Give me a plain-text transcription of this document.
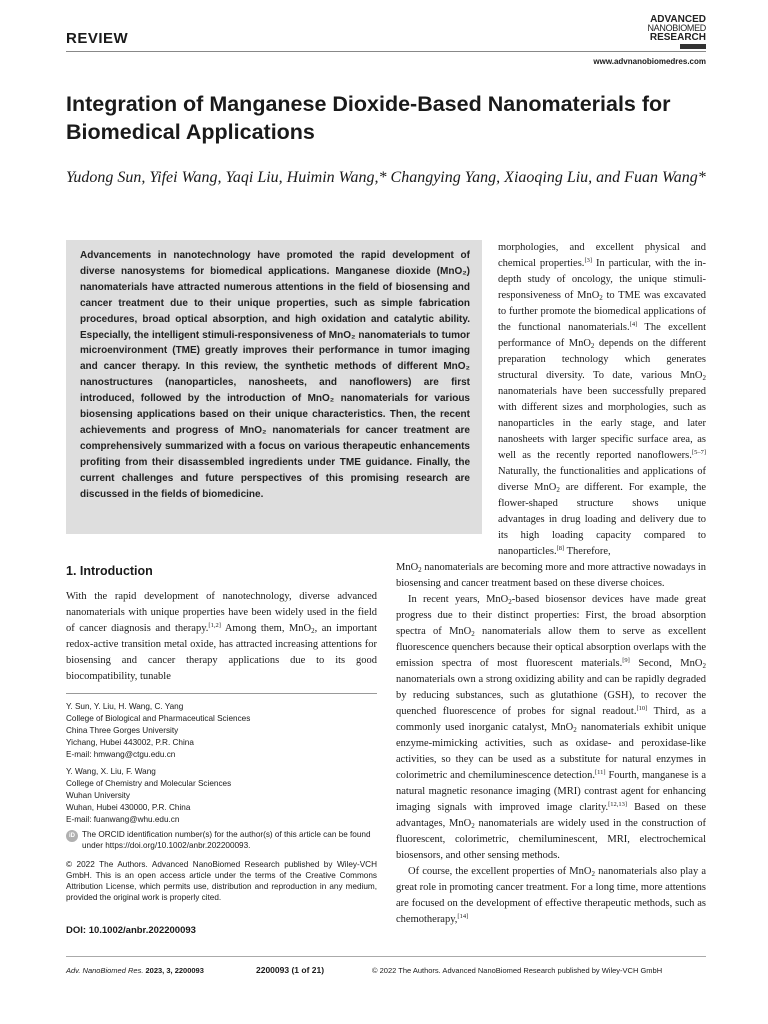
REVIEW
ADVANCED
NANOBIOMED
RESEARCH
www.advnanobiomedres.com
Integration of Manganese Dioxide-Based Nanomaterials for Biomedical Applications
Yudong Sun, Yifei Wang, Yaqi Liu, Huimin Wang,* Changying Yang, Xiaoqing Liu, and Fuan Wang*
Advancements in nanotechnology have promoted the rapid development of diverse nanosystems for biomedical applications. Manganese dioxide (MnO₂) nanomaterials have attracted numerous attentions in the field of biosensing and cancer treatment due to their unique properties, such as simple fabrication procedures, broad optical absorption, and high oxidation and catalytic ability. Especially, the intelligent stimuli-responsiveness of MnO₂ nanomaterials to tumor microenvironment (TME) greatly improves their performance in tumor imaging and cancer therapy. In this review, the synthetic methods of different MnO₂ nanostructures (nanoparticles, nanosheets, and nanoflowers) are first introduced, followed by the introduction of MnO₂ nanomaterials for various biosensing applications based on their unique characteristics. Then, the recent achievements and progress of MnO₂ nanomaterials for cancer treatment are comprehensively summarized with a focus on various therapeutic enhancements profiting from their disassembled ingredients under TME guidance. Finally, the current challenges and future perspectives of this promising research are discussed in the fields of biomedicine.
1. Introduction
With the rapid development of nanotechnology, diverse advanced nanomaterials with unique properties have been widely used in the field of cancer diagnosis and therapy.[1,2] Among them, MnO$_2$, an important redox-active transition metal oxide, has attracted increasing attentions for biosensing and cancer therapy applications due to its good biocompatibility, tunable
Y. Sun, Y. Liu, H. Wang, C. Yang
College of Biological and Pharmaceutical Sciences
China Three Gorges University
Yichang, Hubei 443002, P.R. China
E-mail: hmwang@ctgu.edu.cn
Y. Wang, X. Liu, F. Wang
College of Chemistry and Molecular Sciences
Wuhan University
Wuhan, Hubei 430000, P.R. China
E-mail: fuanwang@whu.edu.cn
iD The ORCID identification number(s) for the author(s) of this article can be found under https://doi.org/10.1002/anbr.202200093.
© 2022 The Authors. Advanced NanoBiomed Research published by Wiley-VCH GmbH. This is an open access article under the terms of the Creative Commons Attribution License, which permits use, distribution and reproduction in any medium, provided the original work is properly cited.
DOI: 10.1002/anbr.202200093
morphologies, and excellent physical and chemical properties.[3] In particular, with the in-depth study of oncology, the unique stimuli-responsiveness of MnO$_2$ to TME was excavated to further promote the biomedical applications of the functional nanomaterials.[4] The excellent performance of MnO$_2$ depends on the different preparation technology which generates structural diversity. To date, various MnO$_2$ nanomaterials have been successfully prepared with different sizes and morphologies, such as nanoparticles in the early stage, and later nanosheets with larger specific surface area, as well as the recently reported nanoflowers.[5–7] Naturally, the functionalities and applications of diverse MnO$_2$ are different. For example, the flower-shaped structure shows unique advantages in drug loading and delivery due to its high loading capacity compared to nanoparticles.[8] Therefore,
MnO$_2$ nanomaterials are becoming more and more attractive nowadays in biosensing and cancer treatment based on these diverse choices.
In recent years, MnO$_2$-based biosensor devices have made great progress due to their distinct properties: First, the broad absorption spectra of MnO$_2$ nanomaterials allow them to serve as excellent fluorescence quenchers because their optical absorption overlaps with the emission spectra of most fluorescent materials.[9] Second, MnO$_2$ nanomaterials own a strong oxidizing ability and can be rapidly degraded by reducing substances, such as glutathione (GSH), to recover the quenched fluorescence of probes for signal readout.[10] Third, as a commonly used inorganic catalyst, MnO$_2$ nanomaterials exhibit unique enzyme-mimicking activities, such as oxidase- and peroxidase-like activities, so they can be used as a substitute for natural enzymes in colorimetric and chemiluminescence detection.[11] Fourth, manganese is a natural magnetic resonance imaging (MRI) contrast agent for enhancing imaging signals with improved image clarity.[12,13] Based on these advantages, MnO$_2$ nanomaterials are widely used in the construction of fluorescent, colorimetric, chemiluminescent, MRI, electrochemical biosensors, and other sensing methods.
Of course, the excellent properties of MnO$_2$ nanomaterials also play a great role in promoting cancer treatment. For a long time, more attentions are focused on the development of effective therapeutic methods, such as chemotherapy,[14]
Adv. NanoBiomed Res. 2023, 3, 2200093	2200093 (1 of 21)	© 2022 The Authors. Advanced NanoBiomed Research published by Wiley-VCH GmbH
